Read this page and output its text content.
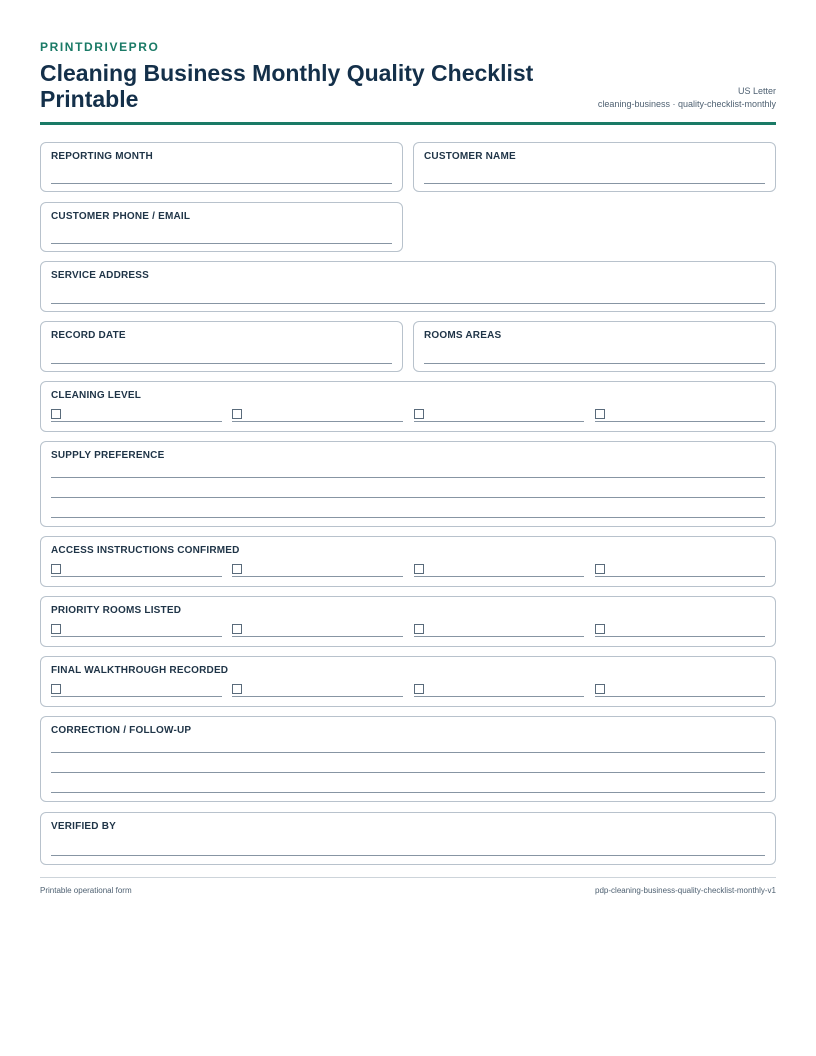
PRINTDRIVEPRO
Cleaning Business Monthly Quality Checklist Printable	US Letter
cleaning-business · quality-checklist-monthly
REPORTING MONTH	CUSTOMER NAME
CUSTOMER PHONE / EMAIL
SERVICE ADDRESS
RECORD DATE	ROOMS AREAS
CLEANING LEVEL
SUPPLY PREFERENCE
ACCESS INSTRUCTIONS CONFIRMED
PRIORITY ROOMS LISTED
FINAL WALKTHROUGH RECORDED
CORRECTION / FOLLOW-UP
VERIFIED BY
Printable operational form	pdp-cleaning-business-quality-checklist-monthly-v1
